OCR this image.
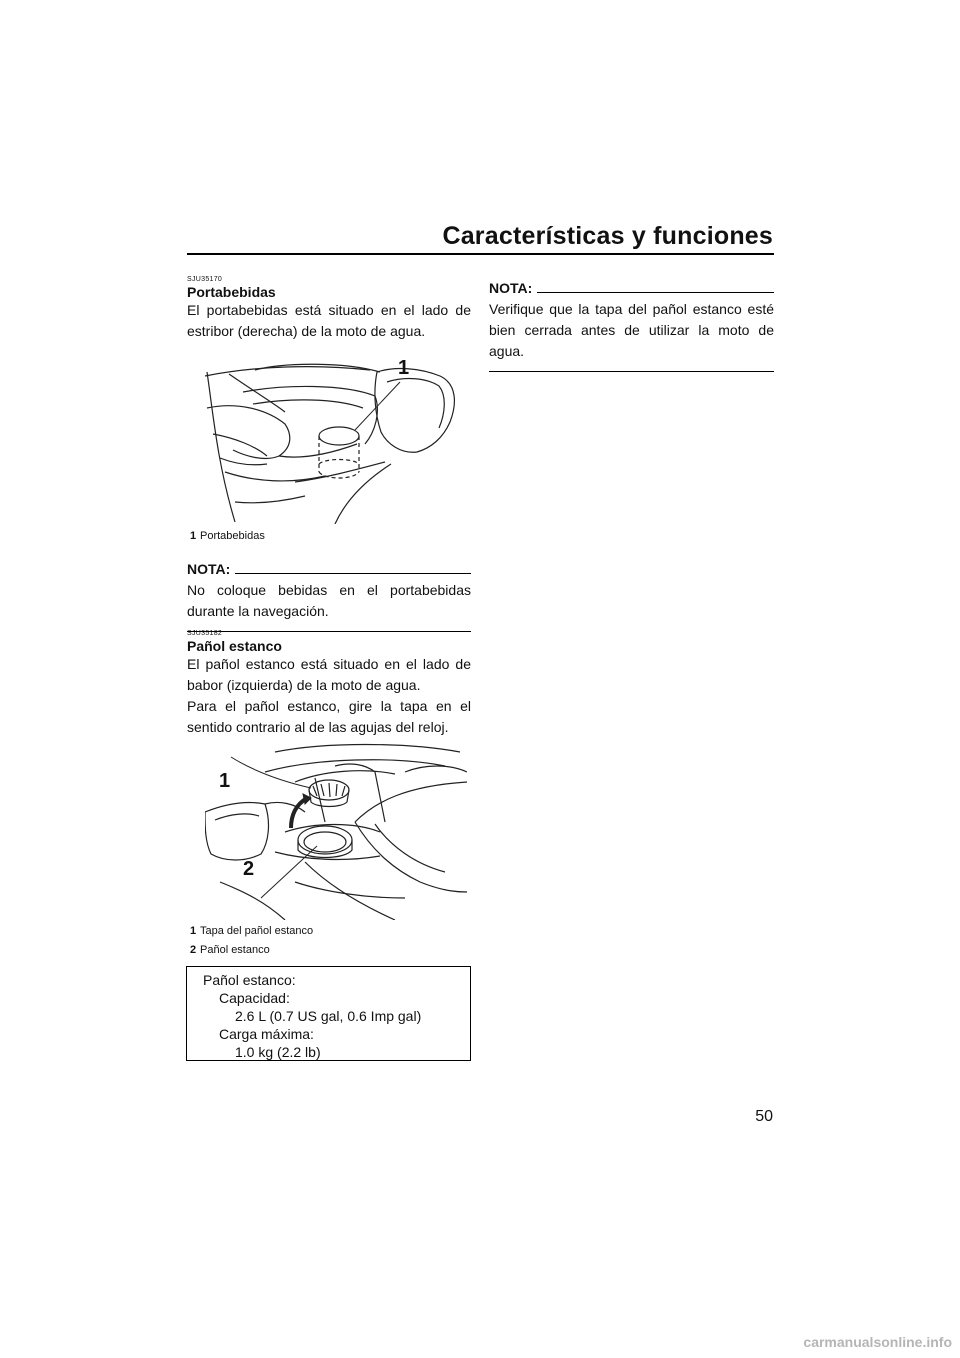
Características y funciones
SJU35170
Portabebidas
El portabebidas está situado en el lado de estribor (derecha) de la moto de agua.
1
1 Portabebidas
NOTA:
No coloque bebidas en el portabebidas durante la navegación.
SJU35182
Pañol estanco
El pañol estanco está situado en el lado de babor (izquierda) de la moto de agua.
Para el pañol estanco, gire la tapa en el sentido contrario al de las agujas del reloj.
1
2
1 Tapa del pañol estanco
2 Pañol estanco
Pañol estanco:
Capacidad:
2.6 L (0.7 US gal, 0.6 Imp gal)
Carga máxima:
1.0 kg (2.2 lb)
NOTA:
Verifique que la tapa del pañol estanco esté bien cerrada antes de utilizar la moto de agua.
50
carmanualsonline.info
